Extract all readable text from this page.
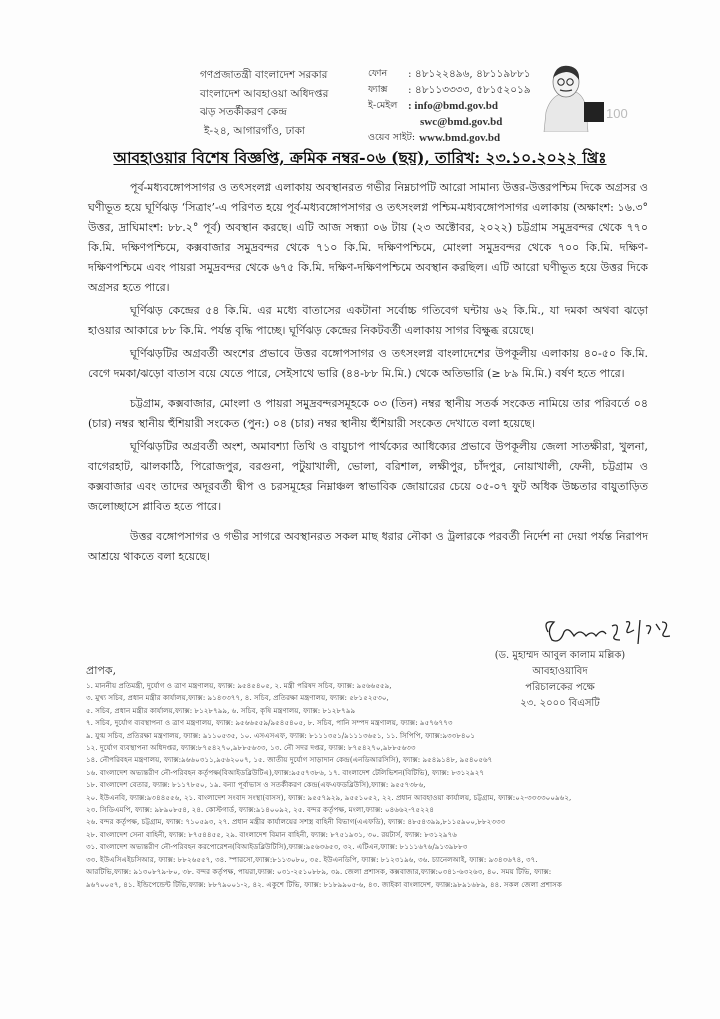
গণপ্রজাতন্ত্রী বাংলাদেশ সরকার
বাংলাদেশ আবহাওয়া অধিদপ্তর
ঝড় সতর্কীকরণ কেন্দ্র
ই-২৪, আগারগাঁও, ঢাকা
ফোন	: ৪৮১২২৪৯৬, ৪৮১১৯৮৮১
ফ্যাক্স	: ৪৮১১৩৩৩৩, ৫৮১৫২০১৯
ই-মেইল : info@bmd.gov.bd
swc@bmd.gov.bd
ওয়েব সাইট: www.bmd.gov.bd
100
আবহাওয়ার বিশেষ বিজ্ঞপ্তি, ক্রমিক নম্বর-০৬ (ছয়), তারিখ: ২৩.১০.২০২২ খ্রিঃ

পূর্ব-মধ্যবঙ্গোপসাগর ও তৎসংলগ্ন এলাকায় অবস্থানরত গভীর নিম্নচাপটি আরো সামান্য উত্তর-উত্তরপশ্চিম দিকে অগ্রসর ও ঘণীভূত হয়ে ঘূর্ণিঝড় ‘সিত্রাং’-এ পরিণত হয়ে পূর্ব-মধ্যবঙ্গোপসাগর ও তৎসংলগ্ন পশ্চিম-মধ্যবঙ্গোপসাগর এলাকায় (অক্ষাংশ: ১৬.৩° উত্তর, দ্রাঘিমাংশ: ৮৮.২° পূর্ব) অবস্থান করছে। এটি আজ সন্ধ্যা ০৬ টায় (২৩ অক্টোবর, ২০২২) চট্টগ্রাম সমুদ্রবন্দর থেকে ৭৭০ কি.মি. দক্ষিণপশ্চিমে, কক্সবাজার সমুদ্রবন্দর থেকে ৭১০ কি.মি. দক্ষিণপশ্চিমে, মোংলা সমুদ্রবন্দর থেকে ৭০০ কি.মি. দক্ষিণ-দক্ষিণপশ্চিমে এবং পায়রা সমুদ্রবন্দর থেকে ৬৭৫ কি.মি. দক্ষিণ-দক্ষিণপশ্চিমে অবস্থান করছিল। এটি আরো ঘণীভূত হয়ে উত্তর দিকে অগ্রসর হতে পারে।

ঘূর্ণিঝড় কেন্দ্রের ৫৪ কি.মি. এর মধ্যে বাতাসের একটানা সর্বোচ্চ গতিবেগ ঘন্টায় ৬২ কি.মি., যা দমকা অথবা ঝড়ো হাওয়ার আকারে ৮৮ কি.মি. পর্যন্ত বৃদ্ধি পাচ্ছে। ঘূর্ণিঝড় কেন্দ্রের নিকটবর্তী এলাকায় সাগর বিক্ষুব্ধ রয়েছে।

ঘূর্ণিঝড়টির অগ্রবর্তী অংশের প্রভাবে উত্তর বঙ্গোপসাগর ও তৎসংলগ্ন বাংলাদেশের উপকূলীয় এলাকায় ৪০-৫০ কি.মি. বেগে দমকা/ঝড়ো বাতাস বয়ে যেতে পারে, সেইসাথে ভারি (৪৪-৮৮ মি.মি.) থেকে অতিভারি (≥ ৮৯ মি.মি.) বর্ষণ হতে পারে।

চট্টগ্রাম, কক্সবাজার, মোংলা ও পায়রা সমুদ্রবন্দরসমূহকে ০৩ (তিন) নম্বর স্থানীয় সতর্ক সংকেত নামিয়ে তার পরিবর্তে ০৪ (চার) নম্বর স্থানীয় হুঁশিয়ারী সংকেত (পুন:) ০৪ (চার) নম্বর স্থানীয় হুঁশিয়ারী সংকেত দেখাতে বলা হয়েছে।

ঘূর্ণিঝড়টির অগ্রবর্তী অংশ, অমাবশ্যা তিথি ও বায়ুচাপ পার্থক্যের আধিক্যের প্রভাবে উপকূলীয় জেলা সাতক্ষীরা, খুলনা, বাগেরহাট, ঝালকাঠি, পিরোজপুর, বরগুনা, পটুয়াখালী, ভোলা, বরিশাল, লক্ষীপুর, চাঁদপুর, নোয়াখালী, ফেনী, চট্টগ্রাম ও কক্সবাজার এবং তাদের অদূরবর্তী দ্বীপ ও চরসমূহের নিম্নাঞ্চল স্বাভাবিক জোয়ারের চেয়ে ০৫-০৭ ফুট অধিক উচ্চতার বায়ুতাড়িত জলোচ্ছাসে প্লাবিত হতে পারে।

উত্তর বঙ্গোপসাগর ও গভীর সাগরে অবস্থানরত সকল মাছ ধরার নৌকা ও ট্রলারকে পরবর্তী নির্দেশ না দেয়া পর্যন্ত নিরাপদ আশ্রয়ে থাকতে বলা হয়েছে।

(ড. মুহাম্মদ আবুল কালাম মল্লিক)
আবহাওয়াবিদ
পরিচালকের পক্ষে
২৩. ২০০০ বিএসটি
প্রাপক,
১. মাননীয় প্রতিমন্ত্রী, দুর্যোগ ও ত্রাণ মন্ত্রণালয়, ফ্যাক্স: ৯৫৪৫৪০৫, ২. মন্ত্রী পরিষদ সচিব, ফ্যাক্স: ৯৫৬৬৫৫৯,
৩. মুখ্য সচিব, প্রধান মন্ত্রীর কার্যালয়,ফ্যাক্স: ৯১৪৩৩৭৭, ৪. সচিব, প্রতিরক্ষা মন্ত্রণালয়, ফ্যাক্স: ৫৮১৫২৫৩০,
৫. সচিব, প্রধান মন্ত্রীর কার্যালয়,ফ্যাক্স: ৮১২৮৭৯৯, ৬. সচিব, কৃষি মন্ত্রণালয়, ফ্যাক্স: ৮১২৮৭৯৯
৭. সচিব, দুর্যোগ ব্যবস্থাপনা ও ত্রাণ মন্ত্রণালয়, ফ্যাক্স: ৯৫৬৬৫৫৯/৯৫৪৫৪০৫, ৮. সচিব, পানি সম্পদ মন্ত্রণালয়, ফ্যাক্স: ৯৫৭৬৭৭৩
৯. যুগ্ম সচিব, প্রতিরক্ষা মন্ত্রণালয়, ফ্যাক্স: ৯১১০৫৩৫, ১০. এসএসএফ, ফ্যাক্স: ৮১১১৩৫১/৯১১১৩৬৫১, ১১. সিপিপি, ফ্যাক্স:৯৩৩৮৪০১
১২. দুর্যোগ ব্যবস্থাপনা অধিদপ্তর, ফ্যাক্স:৮৭৫৪২৭০,৯৮৮৫৬৩৩, ১৩. নৌ সদর দপ্তর, ফ্যাক্স: ৮৭৫৪২৭০,৯৮৮৫৬৩৩
১৪. নৌপরিবহন মন্ত্রণালয়, ফ্যাক্স:৯৬৬০৩১১,৯৫৬২০০৭, ১৫. জাতীয় দুর্যোগ সাড়াদান কেন্দ্র(এনডিআরসিসি), ফ্যাক্স: ৯৫৪৯১৪৮, ৯৫৪০৫৬৭
১৬. বাংলাদেশ অভ্যন্তরীণ নৌ-পরিবহন কর্তৃপক্ষ(বিআইডব্লিউটিএ),ফ্যাক্স:৯৫৫৭৩৮৬, ১৭. বাংলাদেশ টেলিভিশন(বিটিভি), ফ্যাক্স: ৮৩১২৯২৭
১৮. বাংলাদেশ বেতার, ফ্যাক্স: ৮১১৭৮৫০, ১৯. বন্যা পূর্বাভাস ও সতর্কীকরণ কেন্দ্র(এফএফডব্লিউসি),ফ্যাক্স: ৯৫৫৭৩৮৬,
২০. ইউএনবি, ফ্যাক্স:৯৩৪৪৫৫৬, ২১. বাংলাদেশ সংবাদ সংস্থা(বাসস), ফ্যাক্স: ৯৫৫৭৯২৯, ৯৫৫১০৫২, ২২. প্রধান আবহাওয়া কার্যালয়, চট্টগ্রাম, ফ্যাক্স:০২-৩৩৩৩০০৯৬২,
২৩. সিডিএমপি, ফ্যাক্স: ৯৮৯০৮৫৪, ২৪. কোস্টগার্ড, ফ্যাক্স:৯১৪০০৯২, ২৫. বন্দর কর্তৃপক্ষ, মংলা,ফ্যাক্স: ০৪৬৬২-৭৫২২৪
২৬. বন্দর কর্তৃপক্ষ, চট্টগ্রাম, ফ্যাক্স: ৭১০৫৯৩, ২৭. প্রধান মন্ত্রীর কার্যালয়ের সশস্ত্র বাহিনী বিভাগ(এএফডি), ফ্যাক্স: ৪৮৫৪৩৯৯,৮১১৫৯০০,৮৮২৩৩৩
২৮. বাংলাদেশ সেনা বাহিনী, ফ্যাক্স: ৮৭৫৪৪৫৫, ২৯. বাংলাদেশ বিমান বাহিনী, ফ্যাক্স: ৮৭৫১৯৩১, ৩০. রয়টার্স, ফ্যাক্স: ৮৩১২৯৭৬
৩১. বাংলাদেশ অভ্যন্তরীণ নৌ-পরিবহন করপোরেশন(বিআইডব্লিউটিসি),ফ্যাক্স:৯৫৬৩৬৫৩, ৩২. এটিএন,ফ্যাক্স: ৮১১১৬৭৬/৯১৩৯৮৮৩
৩৩. ইউএসিএইচসিআর, ফ্যাক্স: ৮৮২৬৫৫৭, ৩৪. স্পারসো,ফ্যাক্স:৮১১৩০৮০, ৩৫. ইউএনডিপি, ফ্যাক্স: ৮১২৩১৯৬, ৩৬. চ্যানেলআই, ফ্যাক্স: ৯৩৪৩৬৭৪, ৩৭.
আরটিভি,ফ্যাক্স: ৯১৩০৮৭৯-৮০, ৩৮. বন্দর কর্তৃপক্ষ, পায়রা,ফ্যাক্স: ০৩১-২৫১০৮৮৯, ৩৯. জেলা প্রশাসক, কক্সবাজার,ফ্যাক্স:০৩৪১-৬৩২৬৩, ৪০. সময় টিভি, ফ্যাক্স:
৯৬৭০০৫৭, ৪১. ইন্ডিপেন্ডেন্ট টিভি,ফ্যাক্স: ৮৮৭৯০০১-২, ৪২. একুশে টিভি, ফ্যাক্স: ৮১৮৯৯০৫-৬, ৪৩. জাইকা বাংলাদেশ, ফ্যাক্স:৯৮৯১৬৮৯, ৪৪. সকল জেলা প্রশাসক
